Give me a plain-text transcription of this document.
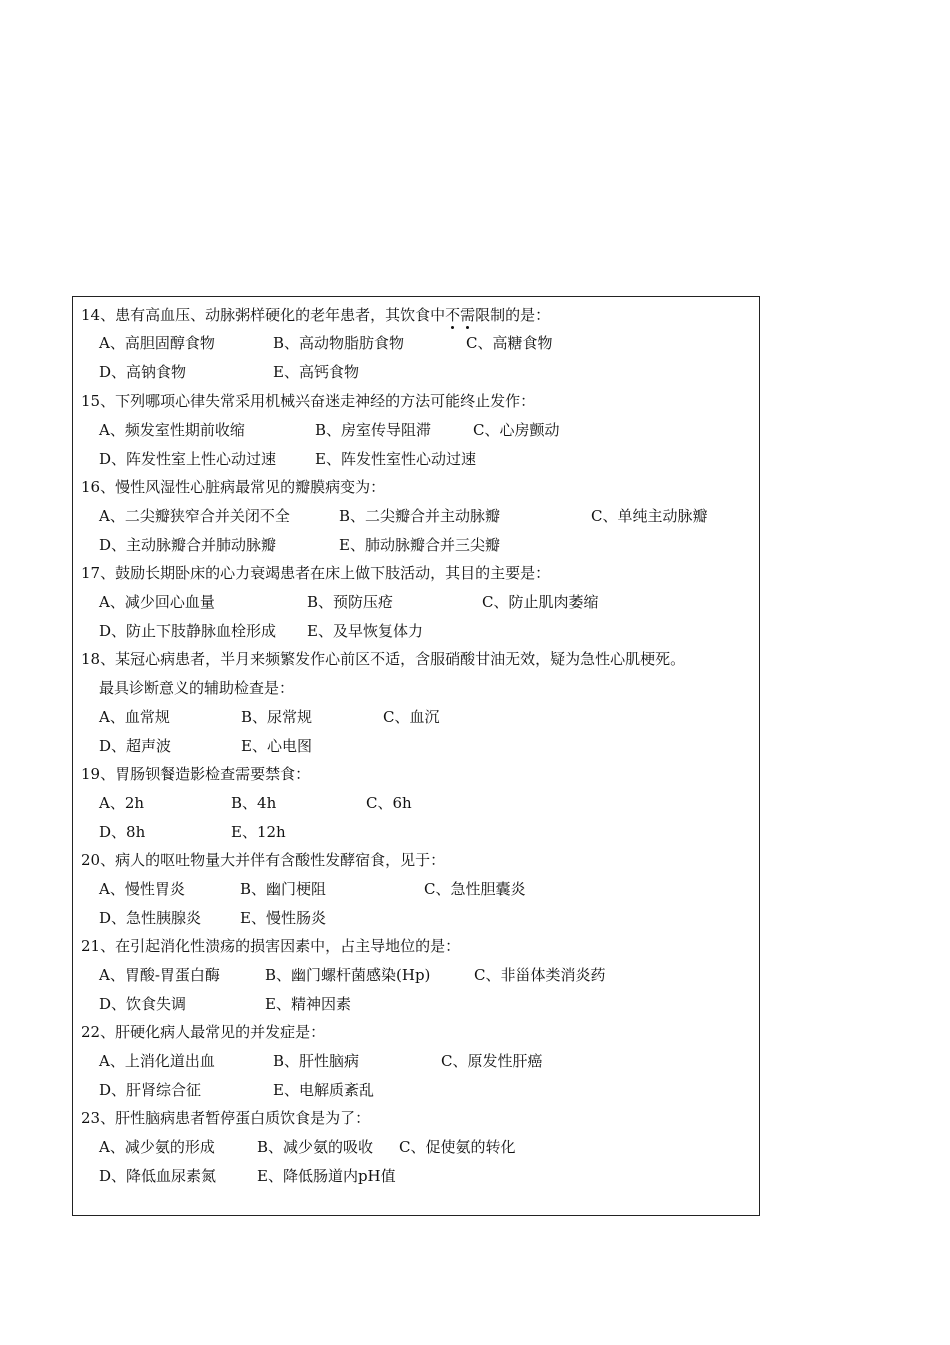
14、患有高血压、动脉粥样硬化的老年患者，其饮食中不需限制的是：
A、高胆固醇食物	B、高动物脂肪食物	C、高糖食物
D、高钠食物	E、高钙食物
15、下列哪项心律失常采用机械兴奋迷走神经的方法可能终止发作：
A、频发室性期前收缩	B、房室传导阻滞	C、心房颤动
D、阵发性室上性心动过速	E、阵发性室性心动过速
16、慢性风湿性心脏病最常见的瓣膜病变为：
A、二尖瓣狭窄合并关闭不全	B、二尖瓣合并主动脉瓣	C、单纯主动脉瓣
D、主动脉瓣合并肺动脉瓣	E、肺动脉瓣合并三尖瓣
17、鼓励长期卧床的心力衰竭患者在床上做下肢活动，其目的主要是：
A、减少回心血量	B、预防压疮	C、防止肌肉萎缩
D、防止下肢静脉血栓形成 E、及早恢复体力
18、某冠心病患者，半月来频繁发作心前区不适，含服硝酸甘油无效，疑为急性心肌梗死。
最具诊断意义的辅助检查是：
A、血常规	B、尿常规	C、血沉
D、超声波	E、心电图
19、胃肠钡餐造影检查需要禁食：
A、2h	B、4h	C、6h
D、8h	E、12h
20、病人的呕吐物量大并伴有含酸性发酵宿食，见于：
A、慢性胃炎	B、幽门梗阻	C、急性胆囊炎
D、急性胰腺炎	E、慢性肠炎
21、在引起消化性溃疡的损害因素中，占主导地位的是：
A、胃酸-胃蛋白酶	B、幽门螺杆菌感染(Hp)	C、非甾体类消炎药
D、饮食失调	E、精神因素
22、肝硬化病人最常见的并发症是：
A、上消化道出血	B、肝性脑病	C、原发性肝癌
D、肝肾综合征	E、电解质紊乱
23、肝性脑病患者暂停蛋白质饮食是为了：
A、减少氨的形成	B、减少氨的吸收 C、促使氨的转化
D、降低血尿素氮	E、降低肠道内pH值
